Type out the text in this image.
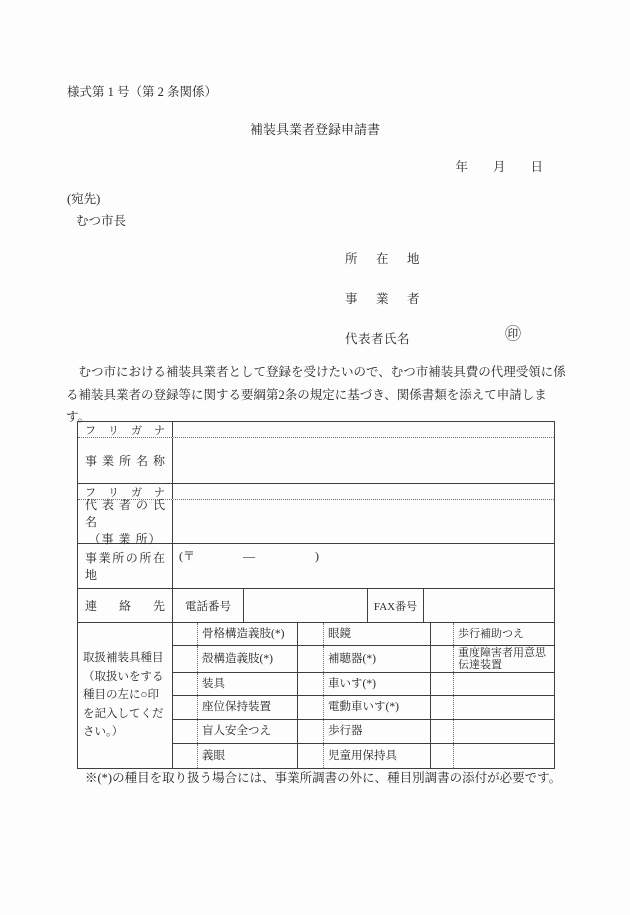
様式第 1 号（第 2 条関係）
補装具業者登録申請書
年　　月　　日
(宛先)
むつ市長
所　在　地
事　業　者
代表者氏名	㊞
　むつ市における補装具業者として登録を受けたいので、むつ市補装具費の代理受領に係
る補装具業者の登録等に関する要綱第2条の規定に基づき、関係書類を添えて申請します。
フ リ ガ ナ
事 業 所 名 称
フ リ ガ ナ
代 表 者 の 氏 名
（事 業 所）
事業所の所在地
(〒　　　　―　　　　　)
連　絡　先	電話番号	FAX番号
取扱補装具種目
（取扱いをする
種目の左に○印
を記入してくだ
さい。）
骨格構造義肢(*)	眼鏡	歩行補助つえ
殻構造義肢(*)	補聴器(*)	重度障害者用意思伝達装置
装具	車いす(*)
座位保持装置	電動車いす(*)
盲人安全つえ	歩行器
義眼	児童用保持具
※(*)の種目を取り扱う場合には、事業所調書の外に、種目別調書の添付が必要です。
